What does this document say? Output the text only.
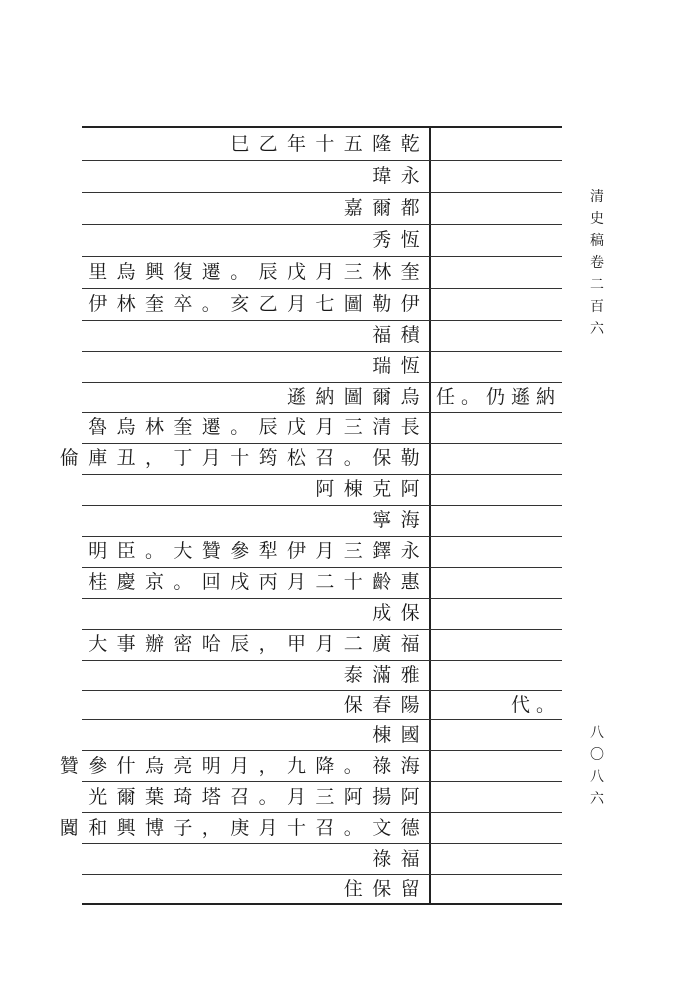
巳乙年十五隆乾
瑋永
嘉爾都
秀恆
里烏興復遷。辰戊月三林奎
伊林奎卒。亥乙月七圖勒伊
福積
瑞恆
遜納圖爾烏
魯烏林奎遷。辰戊月三清長
倫庫丑，丁月十筠松召。保勒
阿棟克阿
寧海
明臣。大贊參犁伊月三鐸永
桂慶京。回戌丙月二十齡惠
成保
大事辦密哈辰，甲月二廣福
泰滿雅
保春陽
棟國
贊參什烏亮明月，九降。祿海
光爾葉琦塔召。月三阿揚阿
闐和興博子，庚月十召。文德
祿福
住保留
任。仍遜納
代。
清史稿卷二百六
八〇八六
